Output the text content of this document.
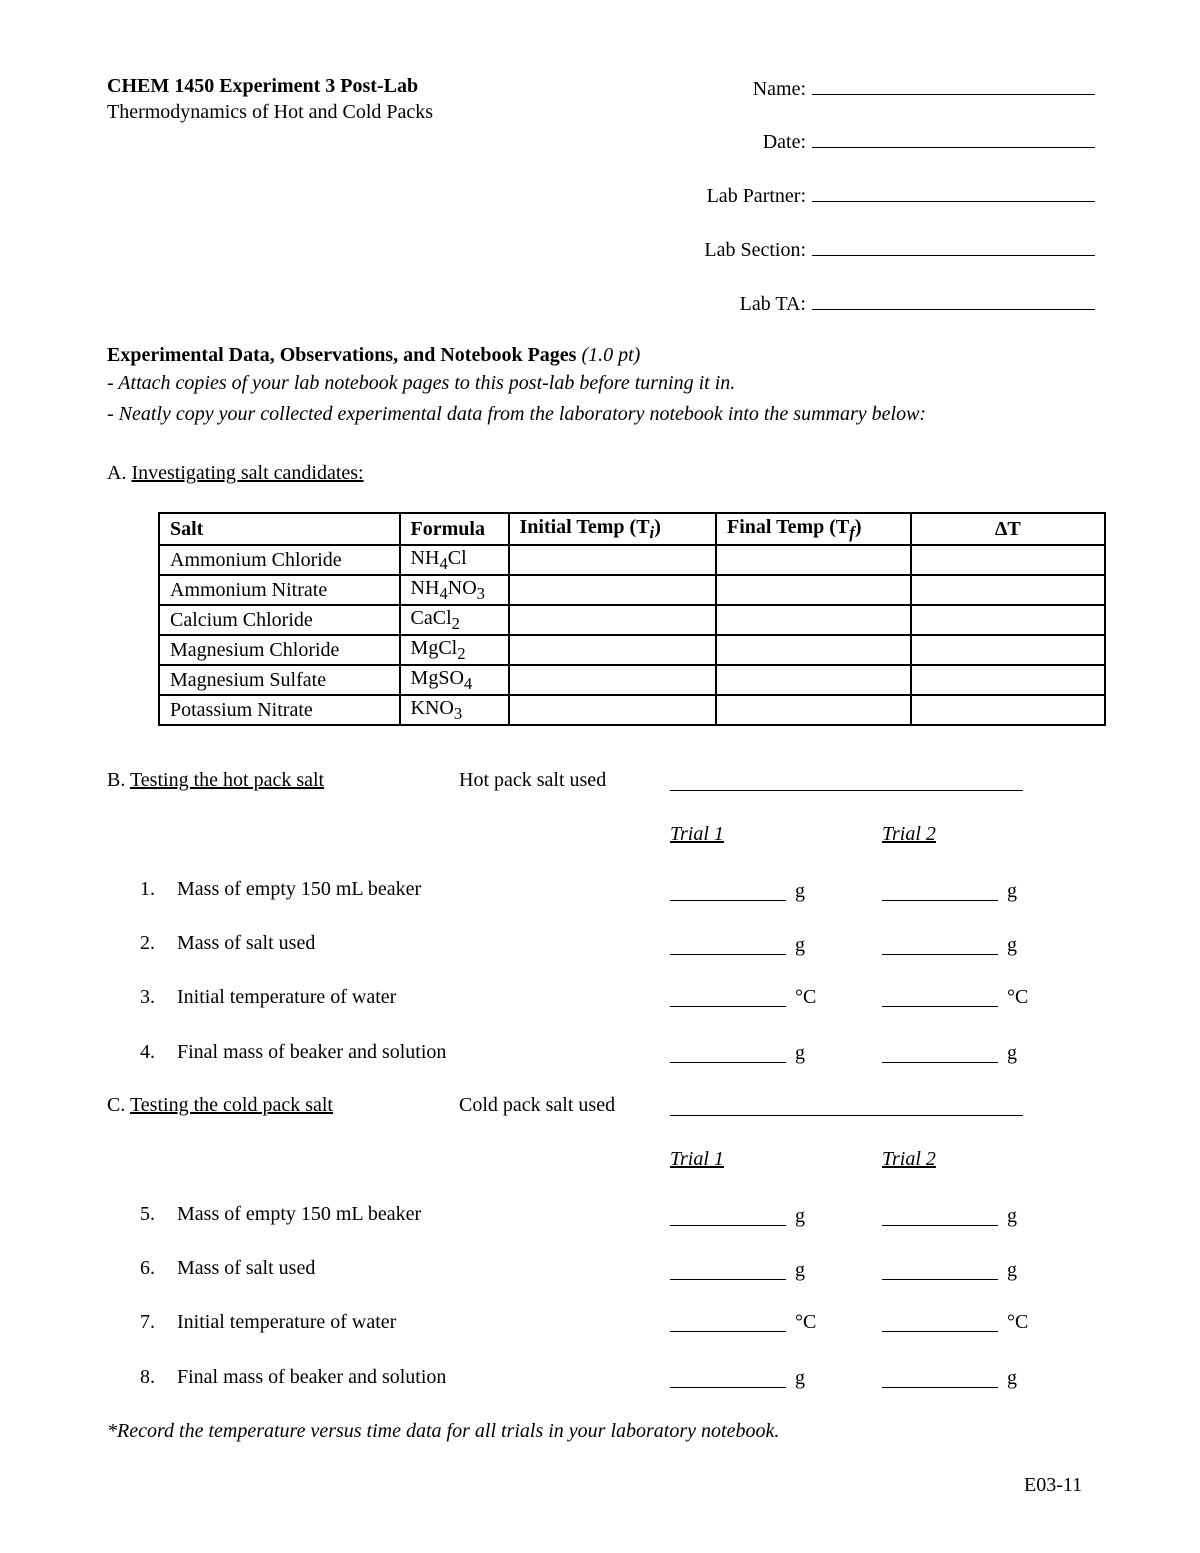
CHEM 1450 Experiment 3 Post-Lab
Thermodynamics of Hot and Cold Packs
Name:
Date:
Lab Partner:
Lab Section:
Lab TA:
Experimental Data, Observations, and Notebook Pages (1.0 pt)
- Attach copies of your lab notebook pages to this post-lab before turning it in.
- Neatly copy your collected experimental data from the laboratory notebook into the summary below:
A. Investigating salt candidates:
Salt	Formula	Initial Temp $(T_i)$	Final Temp $(T_f)$	ΔT
Ammonium Chloride	$NH_4Cl$			
Ammonium Nitrate	$NH_4NO_3$			
Calcium Chloride	CaCl$_2$			
Magnesium Chloride	MgCl$_2$			
Magnesium Sulfate	MgSO$_4$			
Potassium Nitrate	$KNO_3$			
B. Testing the hot pack salt	Hot pack salt used
Trial 1	Trial 2
1. Mass of empty 150 mL beaker	g	g
2. Mass of salt used	g	g
3. Initial temperature of water	°C	°C
4. Final mass of beaker and solution	g	g
C. Testing the cold pack salt	Cold pack salt used
Trial 1	Trial 2
5. Mass of empty 150 mL beaker	g	g
6. Mass of salt used	g	g
7. Initial temperature of water	°C	°C
8. Final mass of beaker and solution	g	g
*Record the temperature versus time data for all trials in your laboratory notebook.
E03-11
